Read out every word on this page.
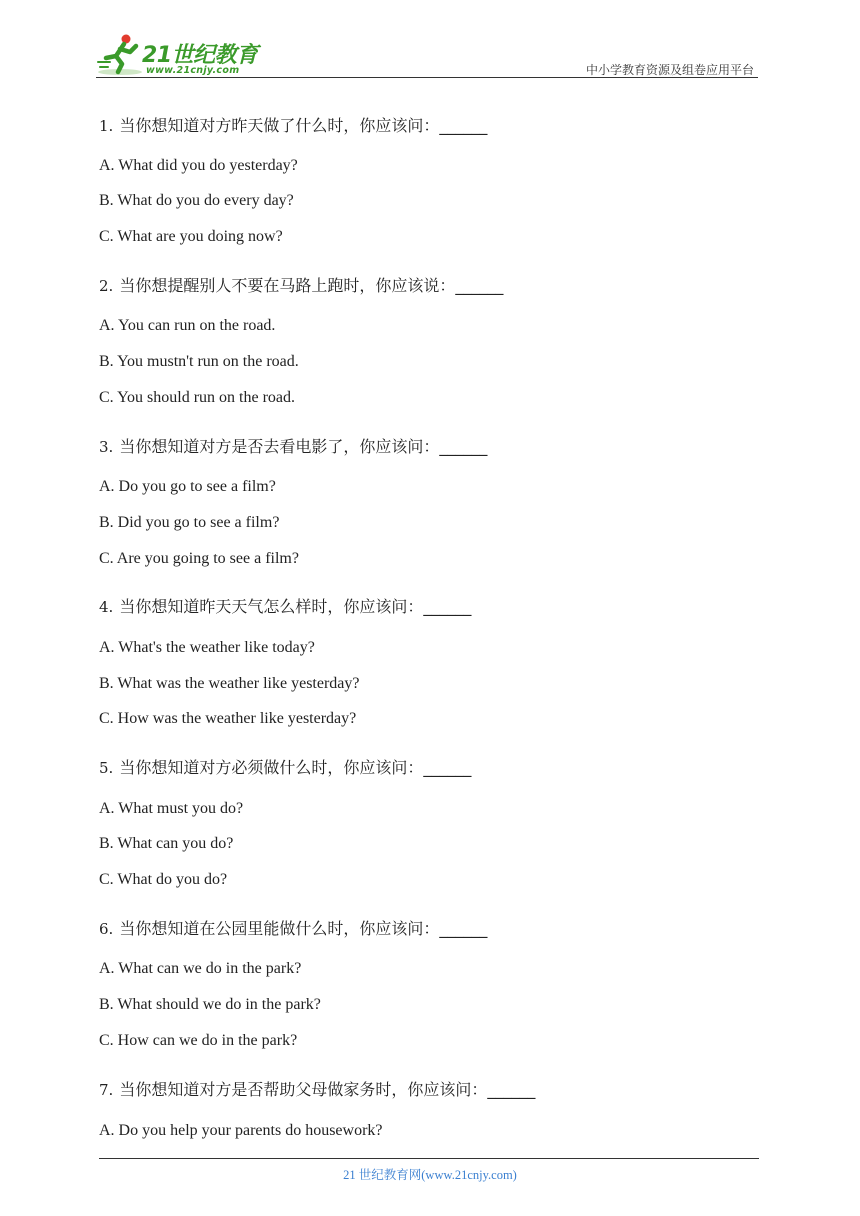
21世纪教育
www.21cnjy.com	中小学教育资源及组卷应用平台
1. 当你想知道对方昨天做了什么时，你应该问：______
A. What did you do yesterday?
B. What do you do every day?
C. What are you doing now?
2. 当你想提醒别人不要在马路上跑时，你应该说：______
A. You can run on the road.
B. You mustn't run on the road.
C. You should run on the road.
3. 当你想知道对方是否去看电影了，你应该问：______
A. Do you go to see a film?
B. Did you go to see a film?
C. Are you going to see a film?
4. 当你想知道昨天天气怎么样时，你应该问：______
A. What's the weather like today?
B. What was the weather like yesterday?
C. How was the weather like yesterday?
5. 当你想知道对方必须做什么时，你应该问：______
A. What must you do?
B. What can you do?
C. What do you do?
6. 当你想知道在公园里能做什么时，你应该问：______
A. What can we do in the park?
B. What should we do in the park?
C. How can we do in the park?
7. 当你想知道对方是否帮助父母做家务时，你应该问：______
A. Do you help your parents do housework?
21 世纪教育网(www.21cnjy.com)
